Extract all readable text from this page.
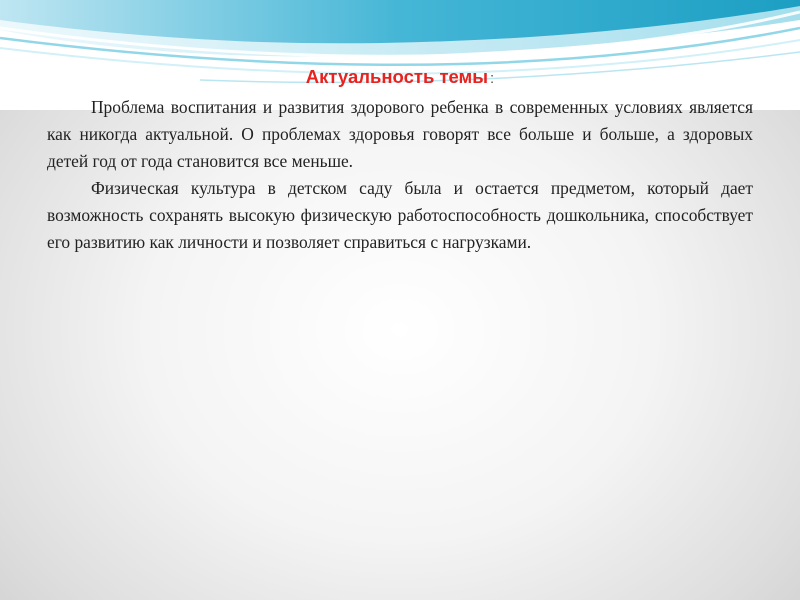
Актуальность темы :

Проблема воспитания и развития здорового ребенка в современных условиях является как никогда актуальной. О проблемах здоровья говорят все больше и больше, а здоровых детей год от года становится все меньше.

Физическая культура в детском саду была и остается предметом, который дает возможность сохранять высокую физическую работоспособность дошкольника, способствует его развитию как личности и позволяет справиться с нагрузками.
